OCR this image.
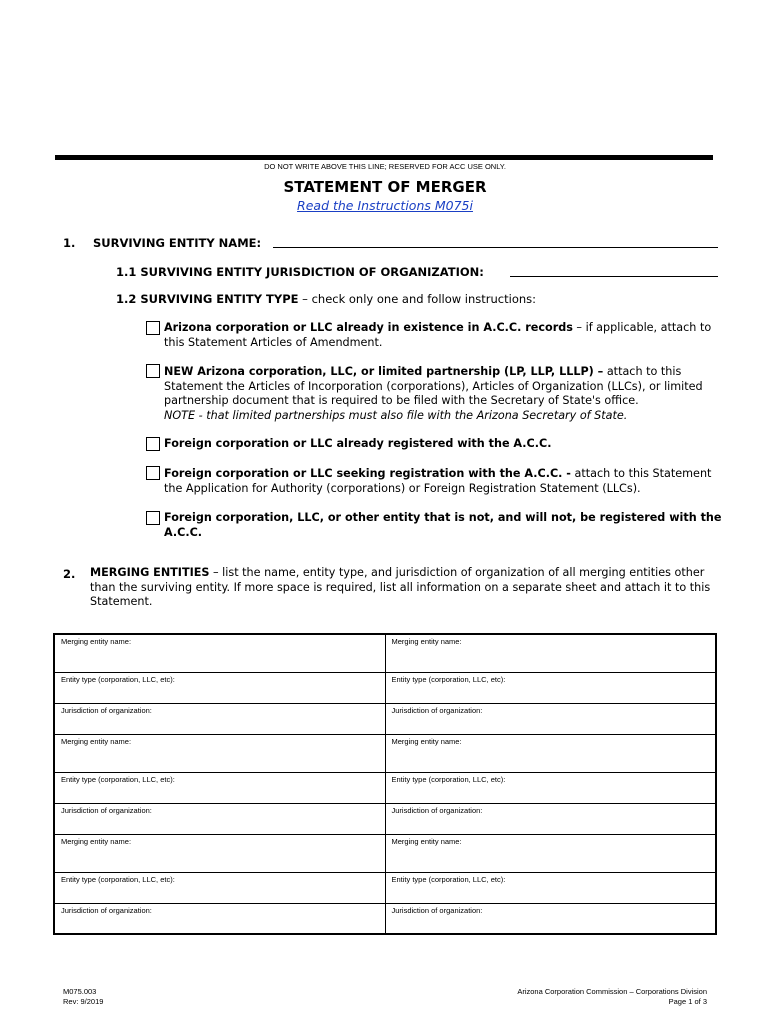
DO NOT WRITE ABOVE THIS LINE; RESERVED FOR ACC USE ONLY.
STATEMENT OF MERGER
Read the Instructions M075i
1. SURVIVING ENTITY NAME:
1.1 SURVIVING ENTITY JURISDICTION OF ORGANIZATION:
1.2 SURVIVING ENTITY TYPE – check only one and follow instructions:
Arizona corporation or LLC already in existence in A.C.C. records – if applicable, attach to this Statement Articles of Amendment.
NEW Arizona corporation, LLC, or limited partnership (LP, LLP, LLLP) – attach to this Statement the Articles of Incorporation (corporations), Articles of Organization (LLCs), or limited partnership document that is required to be filed with the Secretary of State's office.
NOTE - that limited partnerships must also file with the Arizona Secretary of State.
Foreign corporation or LLC already registered with the A.C.C.
Foreign corporation or LLC seeking registration with the A.C.C. - attach to this Statement the Application for Authority (corporations) or Foreign Registration Statement (LLCs).
Foreign corporation, LLC, or other entity that is not, and will not, be registered with the A.C.C.
2. MERGING ENTITIES – list the name, entity type, and jurisdiction of organization of all merging entities other than the surviving entity. If more space is required, list all information on a separate sheet and attach it to this Statement.
Merging entity name:	Merging entity name:
Entity type (corporation, LLC, etc):	Entity type (corporation, LLC, etc):
Jurisdiction of organization:	Jurisdiction of organization:
Merging entity name:	Merging entity name:
Entity type (corporation, LLC, etc):	Entity type (corporation, LLC, etc):
Jurisdiction of organization:	Jurisdiction of organization:
Merging entity name:	Merging entity name:
Entity type (corporation, LLC, etc):	Entity type (corporation, LLC, etc):
Jurisdiction of organization:	Jurisdiction of organization:
M075.003
Rev: 9/2019
Arizona Corporation Commission – Corporations Division
Page 1 of 3
